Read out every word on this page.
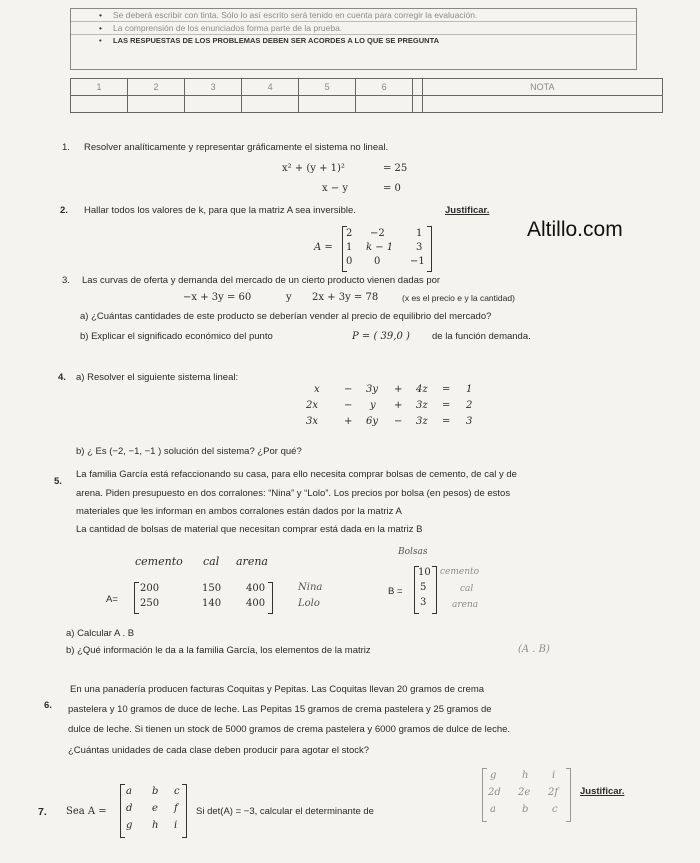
• Se deberá escribir con tinta. Sólo lo así escrito será tenido en cuenta para corregir la evaluación.
• La comprensión de los enunciados forma parte de la prueba.
• LAS RESPUESTAS DE LOS PROBLEMAS DEBEN SER ACORDES A LO QUE SE PREGUNTA
1	2	3	4	5	6		NOTA

Altillo.com
1. Resolver analíticamente y representar gráficamente el sistema no lineal.
x² + (y + 1)²	= 25
x − y	= 0
2. Hallar todos los valores de k, para que la matriz A sea inversible.	Justificar.
A =
2 −2	1
1 k − 1 3
0 0	−1
3. Las curvas de oferta y demanda del mercado de un cierto producto vienen dadas por
−x + 3y = 60	y 2x + 3y = 78	(x es el precio e y la cantidad)
a) ¿Cuántas cantidades de este producto se deberían vender al precio de equilibrio del mercado?
b) Explicar el significado económico del punto	P = ( 39,0 ) de la función demanda.
4. a) Resolver el siguiente sistema lineal:
x − 3y + 4z = 1
2x	− y + 3z = 2
3x	+ 6y − 3z = 3
b) ¿ Es (−2, −1, −1 ) solución del sistema? ¿Por qué?
5.
La familia García está refaccionando su casa, para ello necesita comprar bolsas de cemento, de cal y de
arena. Piden presupuesto en dos corralones: “Nina” y “Lolo”. Los precios por bolsa (en pesos) de estos
materiales que les informan en ambos corralones están dados por la matriz A
La cantidad de bolsas de material que necesitan comprar está dada en la matriz B
cemento cal arena
Bolsas
A=
200	150 400
250	140 400
Nina
Lolo
B =
10
5
3
cemento
cal
arena
a) Calcular A . B
b) ¿Qué información le da a la familia García, los elementos de la matriz	(A . B)
6.
En una panadería producen facturas Coquitas y Pepitas. Las Coquitas llevan 20 gramos de crema
pastelera y 10 gramos de duce de leche. Las Pepitas 15 gramos de crema pastelera y 25 gramos de
dulce de leche. Si tienen un stock de 5000 gramos de crema pastelera y 6000 gramos de dulce de leche.
¿Cuántas unidades de cada clase deben producir para agotar el stock?
7. Sea A =
a b c
d e f
g h i
Si det(A) = −3, calcular el determinante de
g	h i
2d 2e 2f
a	b c
Justificar.
